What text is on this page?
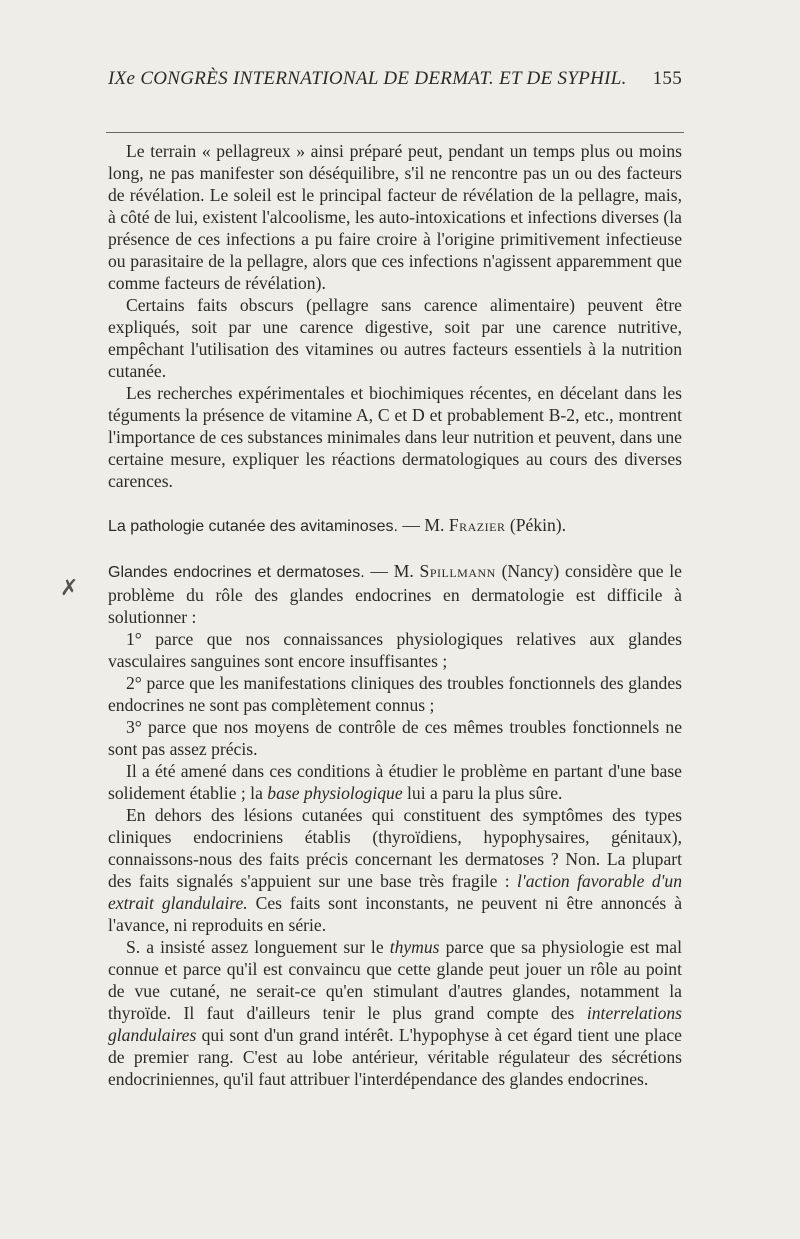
IXe CONGRÈS INTERNATIONAL DE DERMAT. ET DE SYPHIL. 155
✗

Le terrain « pellagreux » ainsi préparé peut, pendant un temps plus ou moins long, ne pas manifester son déséquilibre, s'il ne rencontre pas un ou des facteurs de révélation. Le soleil est le principal facteur de révélation de la pellagre, mais, à côté de lui, existent l'alcoolisme, les auto-intoxications et infections diverses (la présence de ces infections a pu faire croire à l'origine primitivement infectieuse ou parasitaire de la pellagre, alors que ces infections n'agissent apparemment que comme facteurs de révélation).

Certains faits obscurs (pellagre sans carence alimentaire) peuvent être expliqués, soit par une carence digestive, soit par une carence nutritive, empêchant l'utilisation des vitamines ou autres facteurs essentiels à la nutrition cutanée.

Les recherches expérimentales et biochimiques récentes, en décelant dans les téguments la présence de vitamine A, C et D et probablement B-2, etc., montrent l'importance de ces substances minimales dans leur nutrition et peuvent, dans une certaine mesure, expliquer les réactions dermatologiques au cours des diverses carences.

La pathologie cutanée des avitaminoses. — M. Frazier (Pékin).

Glandes endocrines et dermatoses. — M. Spillmann (Nancy) considère que le problème du rôle des glandes endocrines en dermatologie est difficile à solutionner :

1° parce que nos connaissances physiologiques relatives aux glandes vasculaires sanguines sont encore insuffisantes ;

2° parce que les manifestations cliniques des troubles fonctionnels des glandes endocrines ne sont pas complètement connus ;

3° parce que nos moyens de contrôle de ces mêmes troubles fonctionnels ne sont pas assez précis.

Il a été amené dans ces conditions à étudier le problème en partant d'une base solidement établie ; la base physiologique lui a paru la plus sûre.

En dehors des lésions cutanées qui constituent des symptômes des types cliniques endocriniens établis (thyroïdiens, hypophysaires, génitaux), connaissons-nous des faits précis concernant les dermatoses ? Non. La plupart des faits signalés s'appuient sur une base très fragile : l'action favorable d'un extrait glandulaire. Ces faits sont inconstants, ne peuvent ni être annoncés à l'avance, ni reproduits en série.

S. a insisté assez longuement sur le thymus parce que sa physiologie est mal connue et parce qu'il est convaincu que cette glande peut jouer un rôle au point de vue cutané, ne serait-ce qu'en stimulant d'autres glandes, notamment la thyroïde. Il faut d'ailleurs tenir le plus grand compte des interrelations glandulaires qui sont d'un grand intérêt. L'hypophyse à cet égard tient une place de premier rang. C'est au lobe antérieur, véritable régulateur des sécrétions endocriniennes, qu'il faut attribuer l'interdépendance des glandes endocrines.
